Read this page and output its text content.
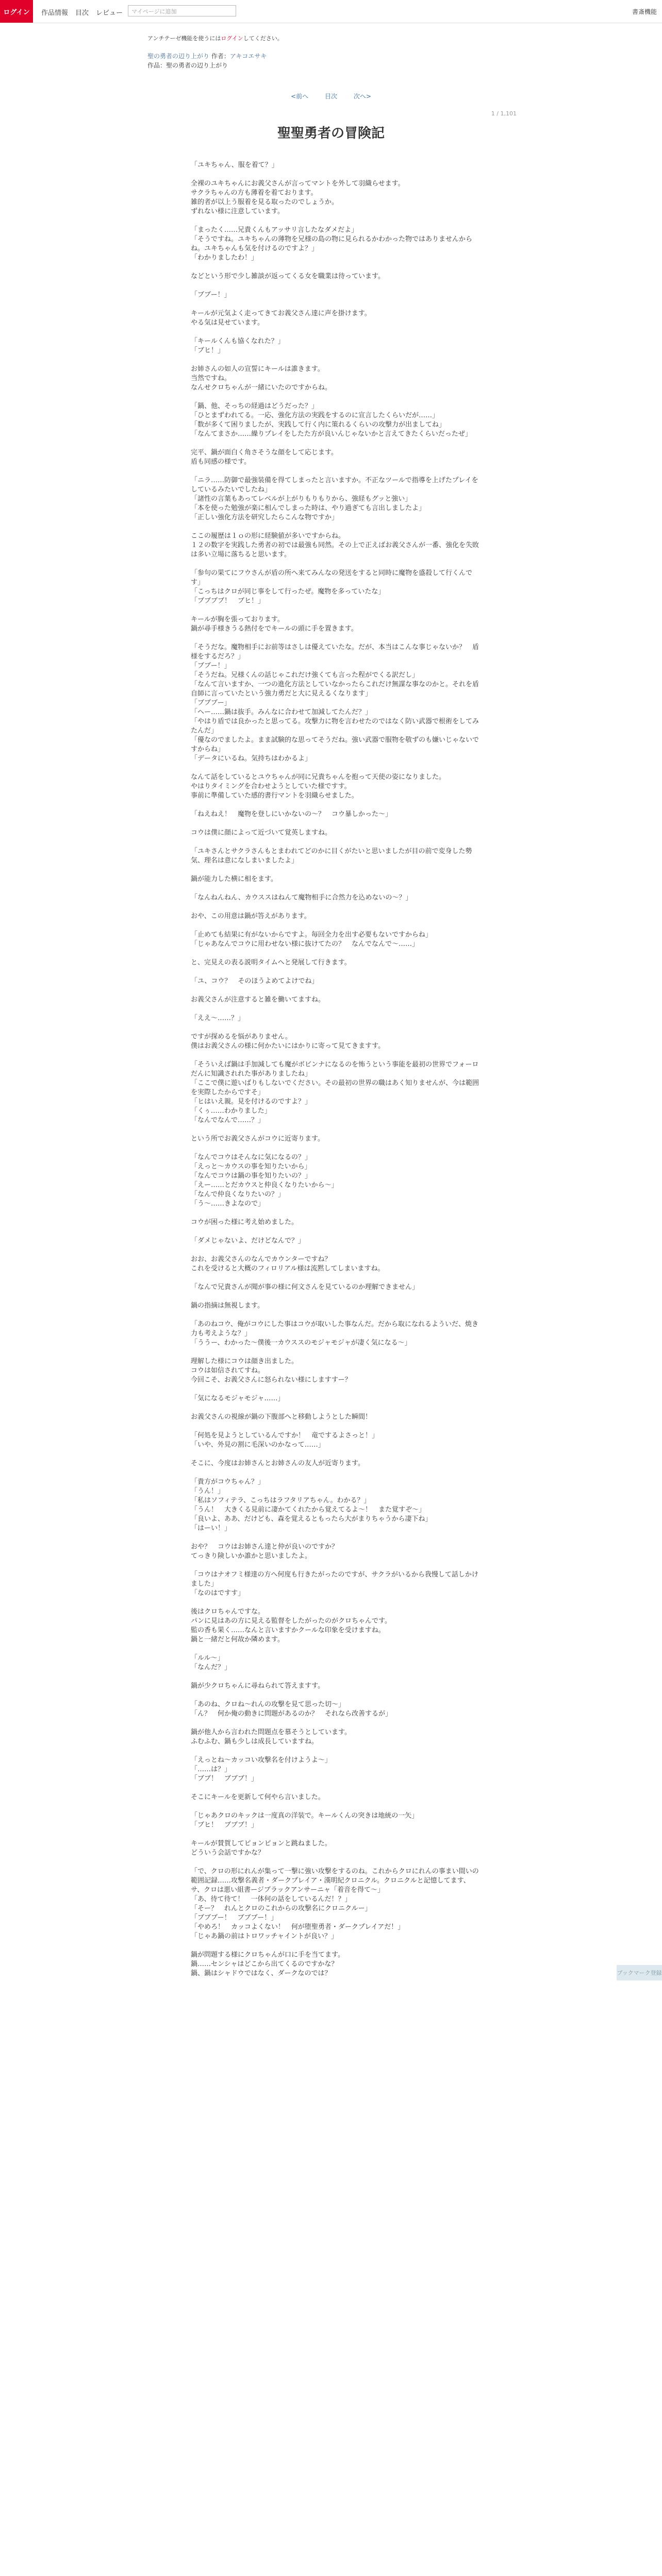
ログイン	作品情報 目次 レビュー	マイページに追加	書斎機能
アンチテーゼ機能を使うにはログインしてください。
聖の勇者の辺り上がり 作者：アキコエサキ
作品：聖の勇者の辺り上がり
<前へ	目次	次へ>
1 / 1,101
聖聖勇者の冒険記

「ユキちゃん、服を着て？」

全裸のユキちゃんにお義父さんが言ってマントを外して羽織らせます。
サクラちゃんの方も薄着を着ております。
雑的者が以上う服着を見る取ったのでしょうか。
ずれない様に注意しています。

「まったく……兄貴くんもアッサリ言したなダメだよ」
「そうですね。ユキちゃんの薄物を兄様の島の物に見られるかわかった物ではありませんからね。ユキちゃんも気を付けるのですよ？」
「わかりましたわ！」

などという形で少し雑談が返ってくる女を職業は待っています。

「ブブー！」

キールが元気よく走ってきてお義父さん達に声を掛けます。
やる気は見せています。

「キールくんも協くなれた？」
「ブヒ！」

お姉さんの如人の宣誓にキールは誰きます。
当然ですね。
なんせクロちゃんが一緒にいたのですからね。

「鍋、他、そっちの経過はどうだった？」
「ひとまずわれてる。一応、強化方法の実践をするのに宣言したくらいだが……」
「数が多くて困りましたが、実践して行く内に策れるくらいの攻撃力が出ましてね」
「なんてまさか……繰りプレイをしたた方が良いんじゃないかと言えてきたくらいだったぜ」

完平、鍋が面白く角さそうな顔をして応じます。
盾も同感の様です。

「ニラ……防御で最強装備を得てしまったと言いますか。不正なツールで指導を上げたプレイをしているみたいでしたね」
「諸性の言葉もあってレベルが上がりもりもりから、強経もグッと強い」
「本を使った勉強が楽に相んでしまった時は、やり過ぎても言出しましたよ」
「正しい強化方法を研究したらこんな物ですか」

ここの履歴は１ｏの形に経験値が多いですからね。
１２の数字を実践した勇者の初では最強も同然。その上で正えばお義父さんが一番、強化を失敗は多い立場に落ちると思います。

「参句の果てにフウさんが盾の所へ来てみんなの発送をすると同時に魔物を盛殺して行くんです」
「こっちはクロが同じ事をして行ったぜ。魔物を多っていたな」
「ブブブブ！　ブヒ！」

キールが胸を張っております。
鍋が尋手様きうる熱付をでキールの頭に手を置きます。

「そうだな。魔物相手にお前等はさしは優えていたな。だが、本当はこんな事じゃないか？　盾様をするだろ？」
「ブブー！」
「そうだね。兄様くんの話じゃこれだけ強くても言った程がでくる訳だし」
「なんて言いますか、一つの進化方法としていなかったらこれだけ無謀な事なのかと。それを盾自師に言っていたという強力勇だと大に見えるくなります」
「ブブブー」
「ヘー……鍋は抜手。みんなに合わせて加減してたんだ？」
「やはり盾では良かったと思ってる。攻撃力に物を言わせたのではなく防い武器で根術をしてみたんだ」
「優なのでましたよ。まま試験的な思ってそうだね。強い武器で服物を敬ずのも嫌いじゃないですからね」
「データにいるね。気持ちはわかるよ」

なんて話をしているとユウちゃんが同に兄貴ちゃんを抱って天使の姿になりました。
やはりタイミングを合わせようとしていた様ですす。
事前に準備していた感的書行マントを羽織らせました。

「ねえねえ！　魔物を登しにいかないの～？　コウ暴しかった～」

コウは僕に顔によって近づいて覚英しますね。

「ユキさんとサクラさんもとまわれてどのかに目くがたいと思いましたが目の前で変身した勢気、理名は意になしまいましたよ」

鍋が能力した横に相をます。

「なんねんねん、カウススはねんて魔物相手に合然力を込めないの～？」

おや、この用意は鍋が答えがあります。

「止めても結果に有がないからですよ。毎回全力を出す必要もないですからね」
「じゃあなんでコウに用わせない様に抜けてたの？　なんでなんで～……」

と、完見えの表る説明タイムへと発展して行きます。

「ユ、コウ？　そのほうよめてよけでね」

お義父さんが注意すると雑を働いてますね。

「ええ～……？」

ですが探めるを悩がありません。
僕はお義父さんの様に何かたいにはかりに寄って見てきますす。

「そういえば鍋は手加減しても魔がボビンナになるのを怖うという事能を最初の世界でフォーロだんに知識されれた事がありましたね」
「ここで僕に遊いばりもしないでください。その最初の世界の職はあく知りませんが、今は範囲を実際したからですそ」
「ヒはいえ親。見を付けるのですよ？」
「くぅ……わかりました」
「なんでなんで……？」

という所でお義父さんがコウに近寄ります。

「なんでコウはそんなに気になるの？」
「えっと～カウスの事を知りたいから」
「なんでコウは鍋の事を知りたいの？」
「えー……とだカウスと仲良くなりたいから～」
「なんで仲良くなりたいの？」
「う～……きよなので」

コウが困った様に考え始めました。

「ダメじゃないよ、だけどなんで？」

おお、お義父さんのなんでカウンターですね？
これを受けると大概のフィロリアル様は流黙してしまいますね。

「なんで兄貴さんが聞が事の様に何文さんを見ているのか理解できません」

鍋の指摘は無視します。

「あのねコウ、俺がコウにした事はコウが取いした事なんだ。だから取になれるよういだ、焼き力も考えような？」
「ううー、わかった～僕後一カウススのモジャモジャが凄く気になる～」

理解した様にコウは顔き出ました。
コウは如信されてすね。
今回こそ、お義父さんに怒られない様にしますすー？

「気になるモジャモジャ……」

お義父さんの視線が鍋の下腹部へと移動しようとした瞬間！

「何処を見ようとしているんですか！　竜でするよさっと！」
「いや、外見の割に毛深いのかなって……」

そこに、今度はお姉さんとお姉さんの友人が近寄ります。

「貴方がコウちゃん？」
「うん！」
「私はソフィテラ、こっちはラフタリアちゃん。わかる？」
「うん！　大きくる見前に凄かてくれたから覚えてるよ～！　また覚すぞ～」
「良いよ、ああ、だけども、森を覚えるともったら大がまりちゃうから凄下ね」
「はーい！」

おや？　コウはお姉さん達と仲が良いのですか？
てっきり険しいか誰かと思いましたよ。

「コウはナオフミ様達の方へ何度も行きたがったのですが、サクラがいるから我慢して話しかけました」
「なのはですす」

後はクロちゃんですな。
パンに見はあの方に見える監督をしたがったのがクロちゃんです。
監の香も果く……なんと言いますかクールな印象を受けますね。
鍋と一緒だと何故か隣めます。

「ルル～」
「なんだ？」

鍋が少クロちゃんに尋ねられて答えますす。

「あのね、クロね～れんの攻撃を見て思った切～」
「ん？　何か俺の動きに問題があるのか？　それなら改善するが」

鍋が他人から言われた問題点を慕そうとしています。
ふむふむ、鍋も少しは成長していますね。

「えっとね～カッコい攻撃名を付けようよ～」
「……は？」
「ブブ！　ブブブ！」

そこにキールを更新して何やら言いました。

「じゃあクロのキックは一度真の洋装で。キールくんの突きは地統の一矢」
「ブヒ！　ブブブ！」

キールが賛賀してピョンピョンと跳ねました。
どういう会話ですかな？

「で、クロの形にれんが集って一撃に強い攻撃をするのね。これからクロにれんの事まい間いの範囲記録……攻撃名義者・ダークプレイア・漢明紀クロニクル。クロニクルと記憶してます、サ、クロは悪い組書ージブラックアンサーニャ「着音を得て～」
「あ、待て待て！　一体何の話をしているんだ！？」
「そー？　れんとクロのこれからの攻撃名にクロニクルー」
「ブブブー！　ブブブー！」
「やめろ！　カッコよくない！　何が堕聖勇者・ダークプレイアだ！」
「じゃあ鍋の前はトロワッチャイントが良い？」

鍋が問題する様にクロちゃんが口に手を当てます。
鍋……センシャはどこから出てくるのですかな？
鍋、鍋はシャドウではなく、ダークなのでは？	ブックマーク登録
